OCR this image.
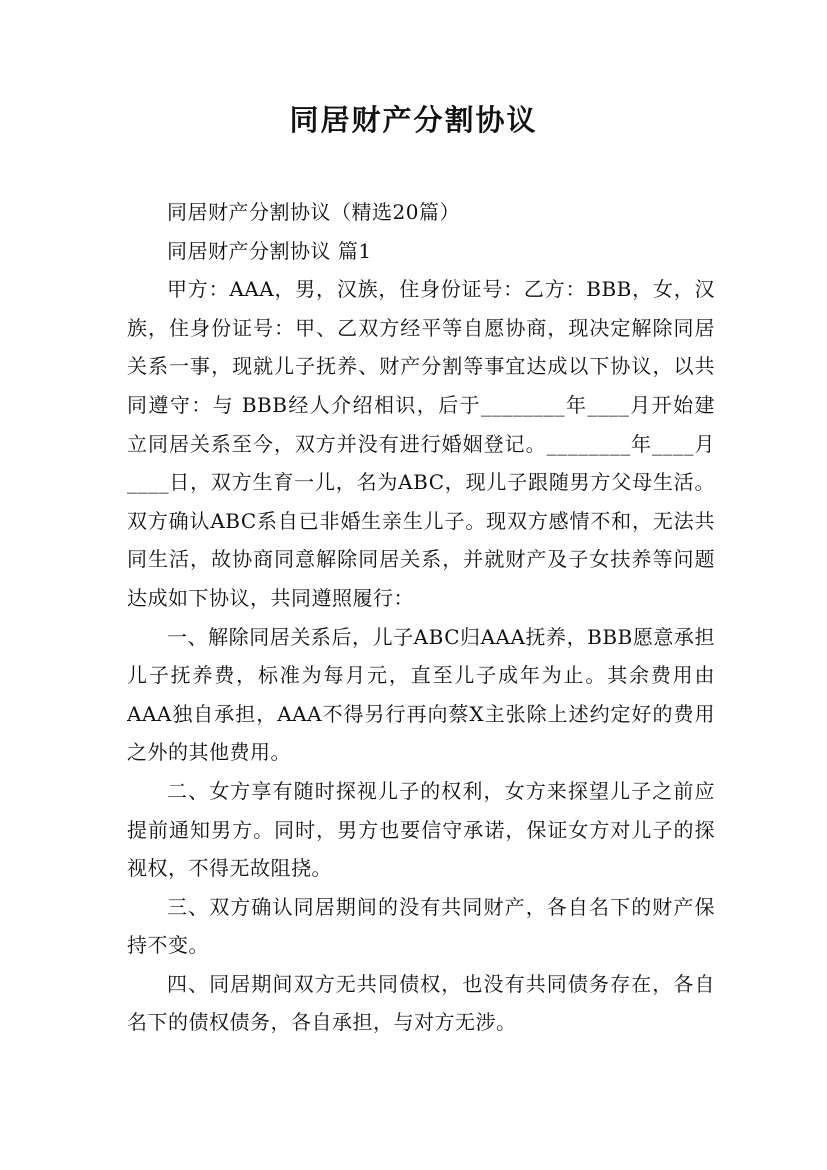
同居财产分割协议

同居财产分割协议（精选20篇）

同居财产分割协议 篇1

甲方：AAA，男，汉族，住身份证号：乙方：BBB，女，汉族，住身份证号：甲、乙双方经平等自愿协商，现决定解除同居关系一事，现就儿子抚养、财产分割等事宜达成以下协议，以共同遵守：与 BBB经人介绍相识，后于________年____月开始建立同居关系至今，双方并没有进行婚姻登记。________年____月____日，双方生育一儿，名为ABC，现儿子跟随男方父母生活。双方确认ABC系自已非婚生亲生儿子。现双方感情不和，无法共同生活，故协商同意解除同居关系，并就财产及子女扶养等问题达成如下协议，共同遵照履行：

一、解除同居关系后，儿子ABC归AAA抚养，BBB愿意承担儿子抚养费，标准为每月元，直至儿子成年为止。其余费用由AAA独自承担，AAA不得另行再向蔡X主张除上述约定好的费用之外的其他费用。

二、女方享有随时探视儿子的权利，女方来探望儿子之前应提前通知男方。同时，男方也要信守承诺，保证女方对儿子的探视权，不得无故阻挠。

三、双方确认同居期间的没有共同财产，各自名下的财产保持不变。

四、同居期间双方无共同债权，也没有共同债务存在，各自名下的债权债务，各自承担，与对方无涉。
